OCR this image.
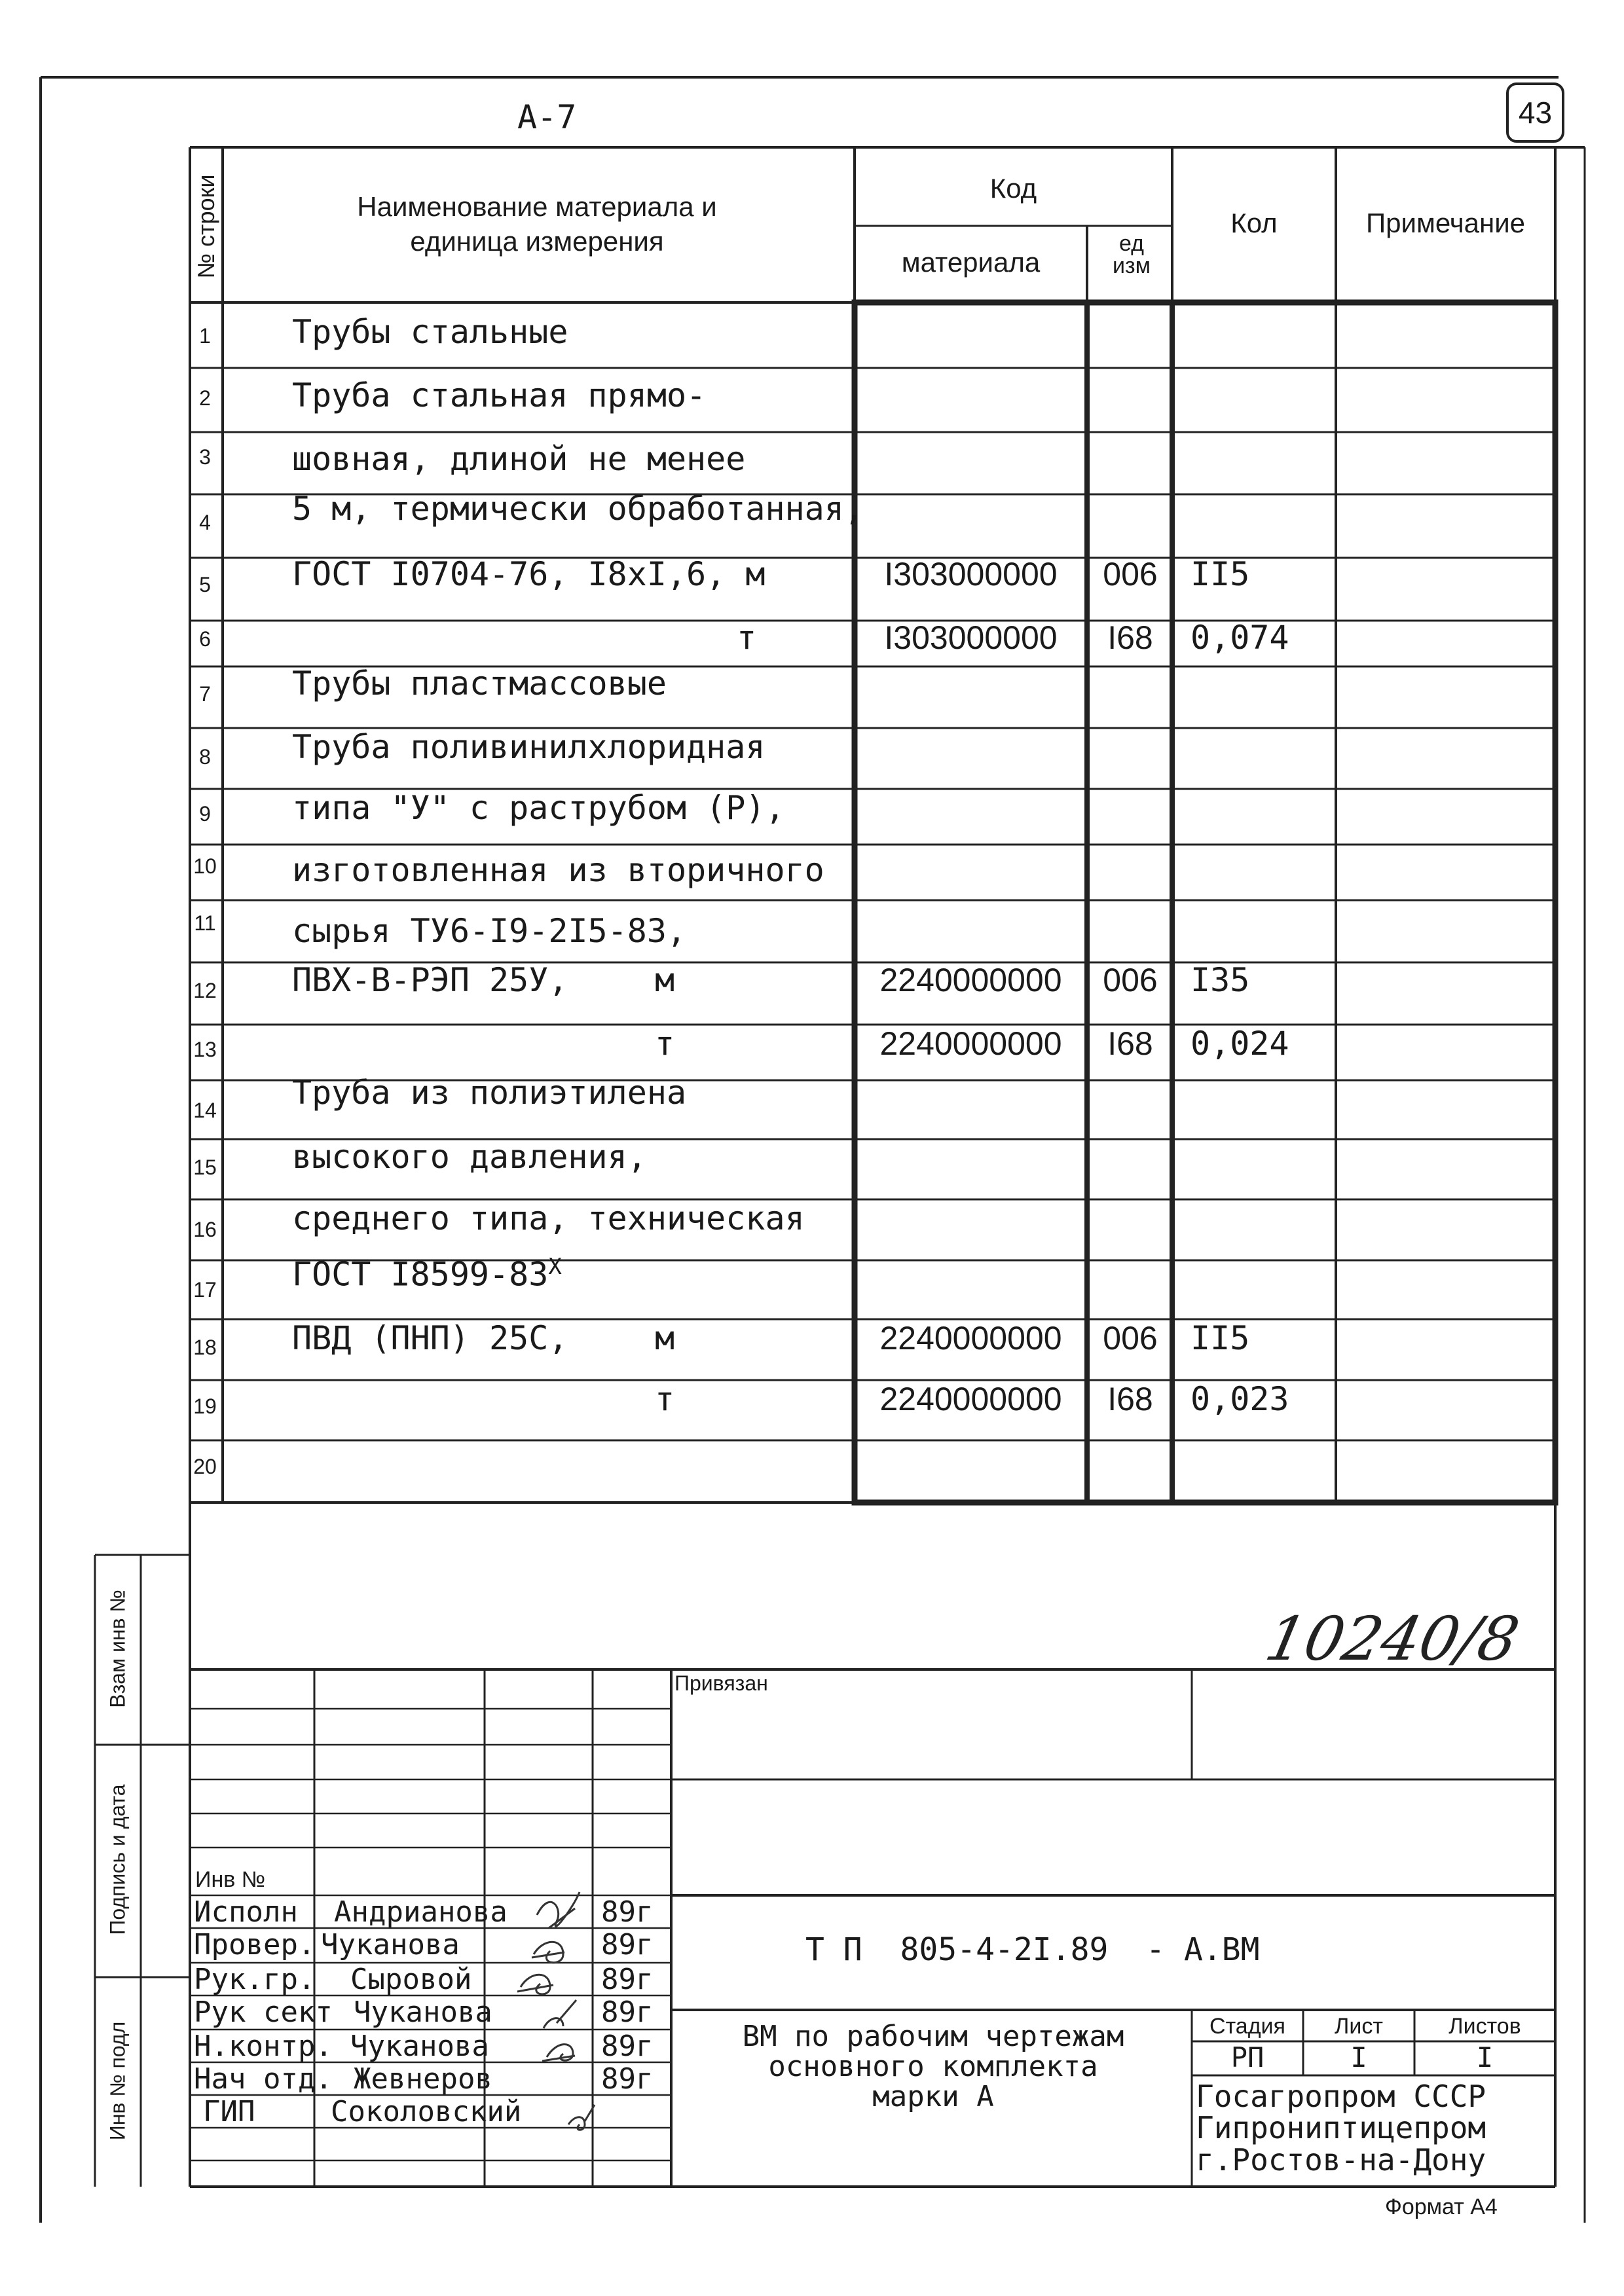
А-7	43
№ строки	Наименование материала и единица измерения
Код
материала
ед изм
Кол	Примечание
1 Трубы стальные
2 Труба стальная прямо-
3 шовная, длиной не менее
4 5 м, термически обработанная,
5 ГОСТ I0704-76, I8xI,6, м	I303000000	006	II5
6	т	I303000000	I68	0,074
7 Трубы пластмассовые
8 Труба поливинилхлоридная
9 типа "У" с раструбом (Р),
10 изготовленная из вторичного
11 сырья ТУ6-I9-2I5-83,
12 ПВХ-В-РЭП 25У,	м	2240000000	006	I35
13	т	2240000000	I68	0,024
14 Труба из полиэтилена
15 высокого давления,
16 среднего типа, техническая
17 ГОСТ $I8599-83^X$
18 ПВД (ПНП) 25С,	м	2240000000	006	II5
19	т	2240000000	I68	0,023
20
10240/8
Взам инв №
Подпись и дата
Инв № подл
Привязан
Инв №
Исполн Андрианова	89г
Провер. Чуканова	89г
Рук.гр. Сыровой	89г
Рук сект Чуканова	89г
Н.контр. Чуканова	89г
Нач отд. Жевнеров	89г
ГИП	Соколовский
Т П  805-4-2I.89  - А.ВМ
ВМ по рабочим чертежам
основного комплекта
марки А
Стадия	Лист	Листов
РП	I	I
Госагропром СССР
Гипрониптицепром
г.Ростов-на-Дону
Формат А4
